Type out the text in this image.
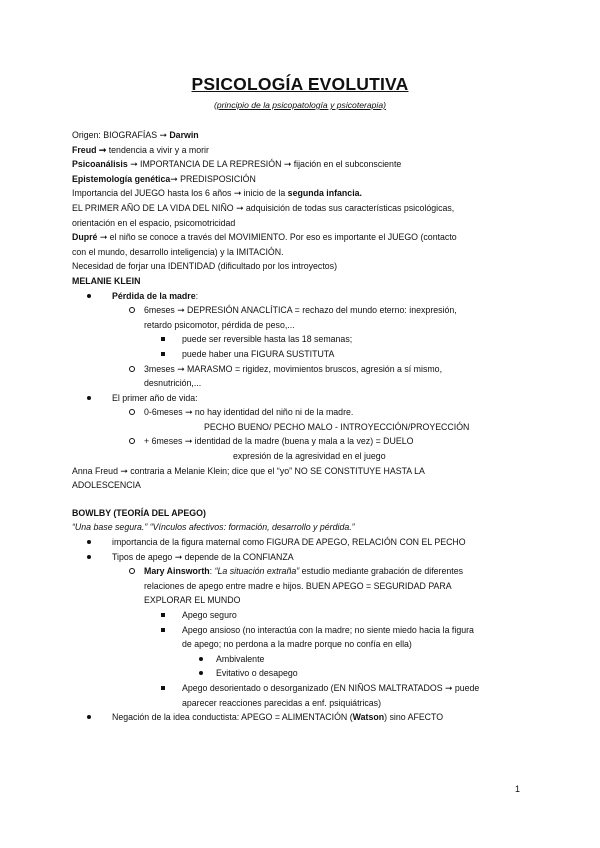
PSICOLOGÍA EVOLUTIVA
(principio de la psicopatología y psicoterapia)
Origen: BIOGRAFÍAS ➞ Darwin
Freud ➞ tendencia a vivir y a morir
Psicoanálisis ➞ IMPORTANCIA DE LA REPRESIÓN ➞ fijación en el subconsciente
Epistemología genética➞ PREDISPOSICIÓN
Importancia del JUEGO hasta los 6 años ➞ inicio de la segunda infancia.
EL PRIMER AÑO DE LA VIDA DEL NIÑO ➞ adquisición de todas sus características psicológicas,
orientación en el espacio, psicomotricidad
Dupré ➞ el niño se conoce a través del MOVIMIENTO. Por eso es importante el JUEGO (contacto
con el mundo, desarrollo inteligencia) y la IMITACIÓN.
Necesidad de forjar una IDENTIDAD (dificultado por los introyectos)
MELANIE KLEIN
Pérdida de la madre:
6meses ➞ DEPRESIÓN ANACLÍTICA = rechazo del mundo eterno: inexpresión,
retardo psicomotor, pérdida de peso,...
puede ser reversible hasta las 18 semanas;
puede haber una FIGURA SUSTITUTA
3meses ➞ MARASMO = rigidez, movimientos bruscos, agresión a sí mismo,
desnutrición,...
El primer año de vida:
0-6meses ➞ no hay identidad del niño ni de la madre.
PECHO BUENO/ PECHO MALO - INTROYECCIÓN/PROYECCIÓN
+ 6meses ➞ identidad de la madre (buena y mala a la vez) = DUELO
expresión de la agresividad en el juego
Anna Freud ➞ contraria a Melanie Klein; dice que el “yo” NO SE CONSTITUYE HASTA LA
ADOLESCENCIA
BOWLBY (TEORÍA DEL APEGO)
“Una base segura.” “Vínculos afectivos: formación, desarrollo y pérdida.”
importancia de la figura maternal como FIGURA DE APEGO, RELACIÓN CON EL PECHO
Tipos de apego ➞ depende de la CONFIANZA
Mary Ainsworth: “La situación extraña” estudio mediante grabación de diferentes
relaciones de apego entre madre e hijos. BUEN APEGO = SEGURIDAD PARA
EXPLORAR EL MUNDO
Apego seguro
Apego ansioso (no interactúa con la madre; no siente miedo hacia la figura
de apego; no perdona a la madre porque no confía en ella)
Ambivalente
Evitativo o desapego
Apego desorientado o desorganizado (EN NIÑOS MALTRATADOS ➞ puede
aparecer reacciones parecidas a enf. psiquiátricas)
Negación de la idea conductista: APEGO = ALIMENTACIÓN (Watson) sino AFECTO
1
